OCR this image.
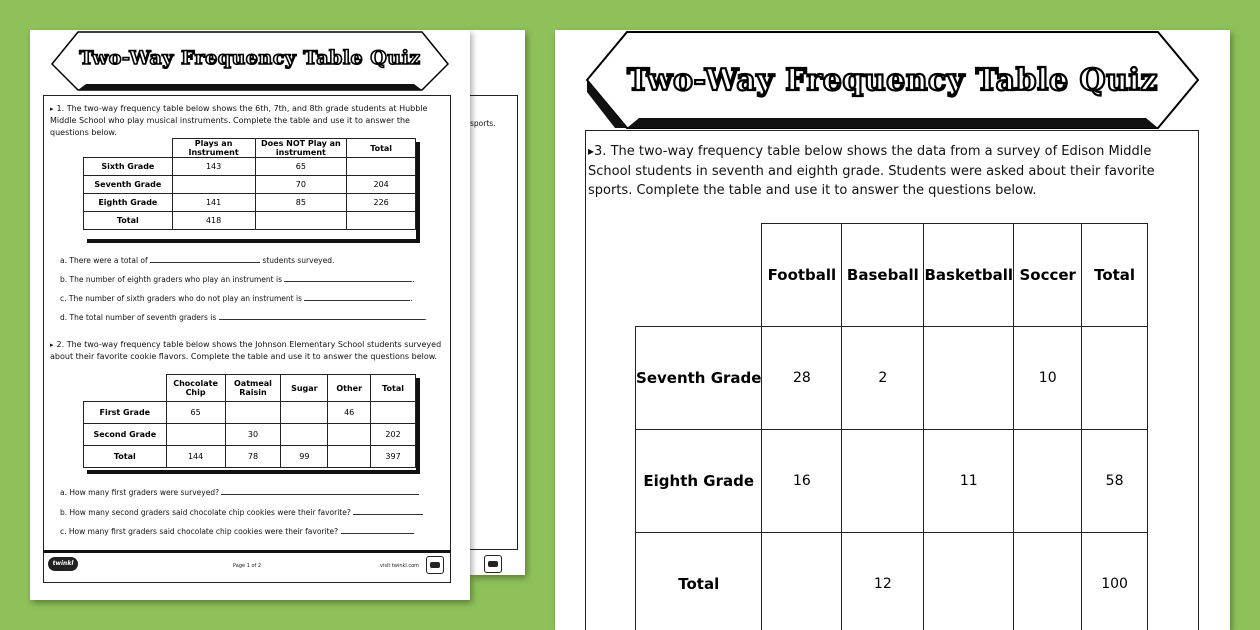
sports.
Two-Way Frequency Table Quiz
▸ 1. The two-way frequency table below shows the 6th, 7th, and 8th grade students at Hubble Middle School who play musical instruments. Complete the table and use it to answer the questions below.
	Plays an Instrument	Does NOT Play an instrument	Total
Sixth Grade	143	65	
Seventh Grade		70	204
Eighth Grade	141	85	226
Total	418		
a. There were a total of	students surveyed.
b. The number of eighth graders who play an instrument is	.
c. The number of sixth graders who do not play an instrument is	.
d. The total number of seventh graders is	.
▸ 2. The two-way frequency table below shows the Johnson Elementary School students surveyed about their favorite cookie flavors. Complete the table and use it to answer the questions below.
	Chocolate Chip	Oatmeal Raisin	Sugar	Other	Total
First Grade	65			46	
Second Grade		30			202
Total	144	78	99		397
a. How many first graders were surveyed?
b. How many second graders said chocolate chip cookies were their favorite?
c. How many first graders said chocolate chip cookies were their favorite?
twinkl	Page 1 of 2	visit twinkl.com
Two-Way Frequency Table Quiz
▸3. The two-way frequency table below shows the data from a survey of Edison Middle School students in seventh and eighth grade. Students were asked about their favorite sports. Complete the table and use it to answer the questions below.
	Football	Baseball	Basketball	Soccer	Total
Seventh Grade	28	2		10	
Eighth Grade	16		11		58
Total		12			100
